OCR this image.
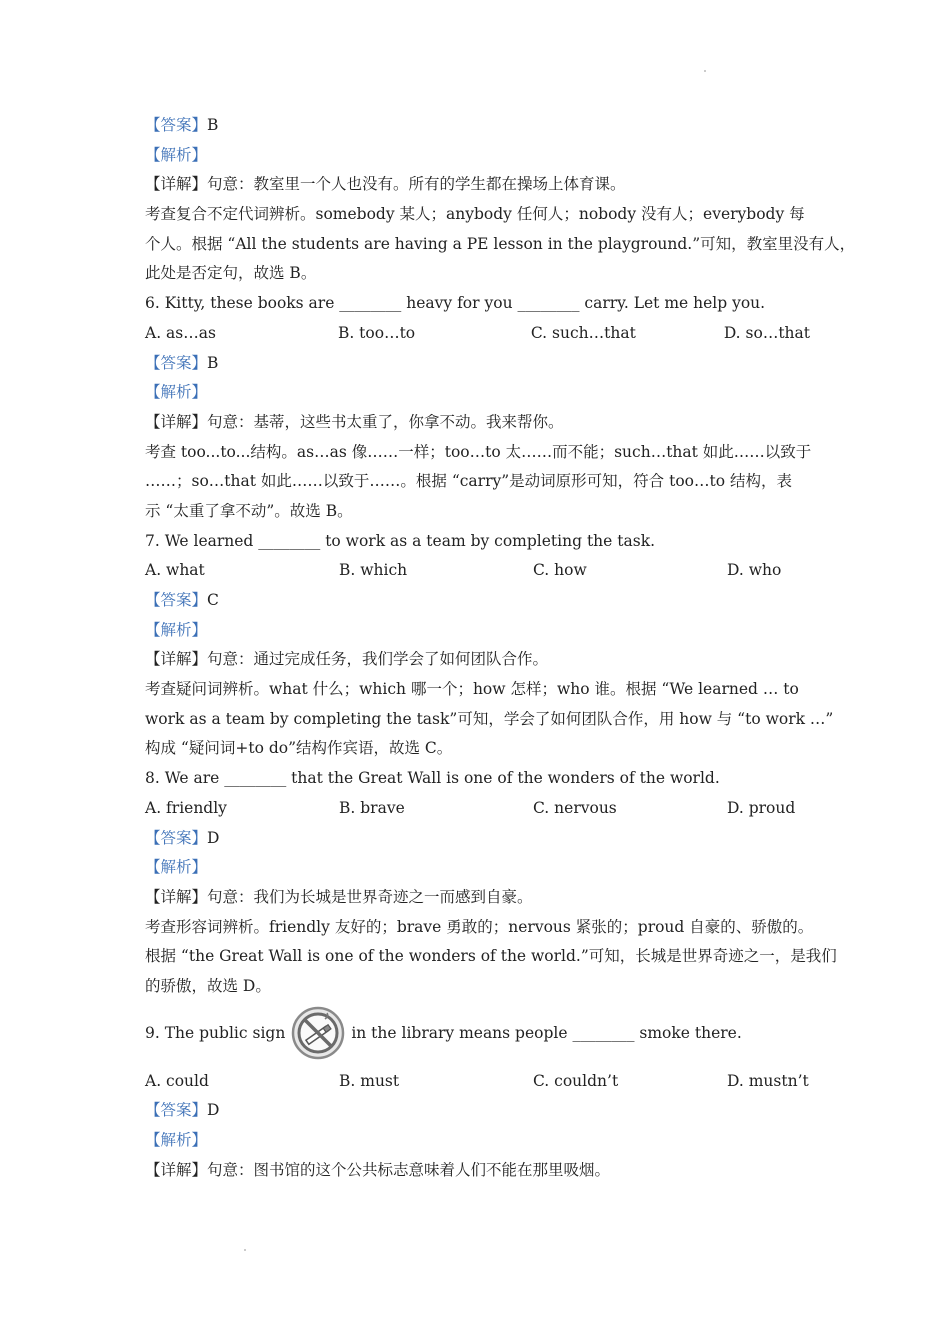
【答案】B
【解析】
【详解】句意：教室里一个人也没有。所有的学生都在操场上体育课。
考查复合不定代词辨析。somebody 某人；anybody 任何人；nobody 没有人；everybody 每
个人。根据 “All the students are having a PE lesson in the playground.”可知，教室里没有人，
此处是否定句，故选 B。
6. Kitty, these books are ________ heavy for you ________ carry. Let me help you.
A. as…as	B. too…to	C. such…that	D. so…that
【答案】B
【解析】
【详解】句意：基蒂，这些书太重了，你拿不动。我来帮你。
考查 too...to...结构。as…as 像……一样；too…to 太……而不能；such…that 如此……以致于
……；so…that 如此……以致于……。根据 “carry”是动词原形可知，符合 too…to 结构，表
示 “太重了拿不动”。故选 B。
7. We learned ________ to work as a team by completing the task.
A. what	B. which	C. how	D. who
【答案】C
【解析】
【详解】句意：通过完成任务，我们学会了如何团队合作。
考查疑问词辨析。what 什么；which 哪一个；how 怎样；who 谁。根据 “We learned … to
work as a team by completing the task”可知，学会了如何团队合作，用 how 与 “to work …”
构成 “疑问词+to do”结构作宾语，故选 C。
8. We are ________ that the Great Wall is one of the wonders of the world.
A. friendly	B. brave	C. nervous	D. proud
【答案】D
【解析】
【详解】句意：我们为长城是世界奇迹之一而感到自豪。
考查形容词辨析。friendly 友好的；brave 勇敢的；nervous 紧张的；proud 自豪的、骄傲的。
根据 “the Great Wall is one of the wonders of the world.”可知，长城是世界奇迹之一，是我们
的骄傲，故选 D。
9. The public sign	in the library means people ________ smoke there.
A. could	B. must	C. couldn’t	D. mustn’t
【答案】D
【解析】
【详解】句意：图书馆的这个公共标志意味着人们不能在那里吸烟。
